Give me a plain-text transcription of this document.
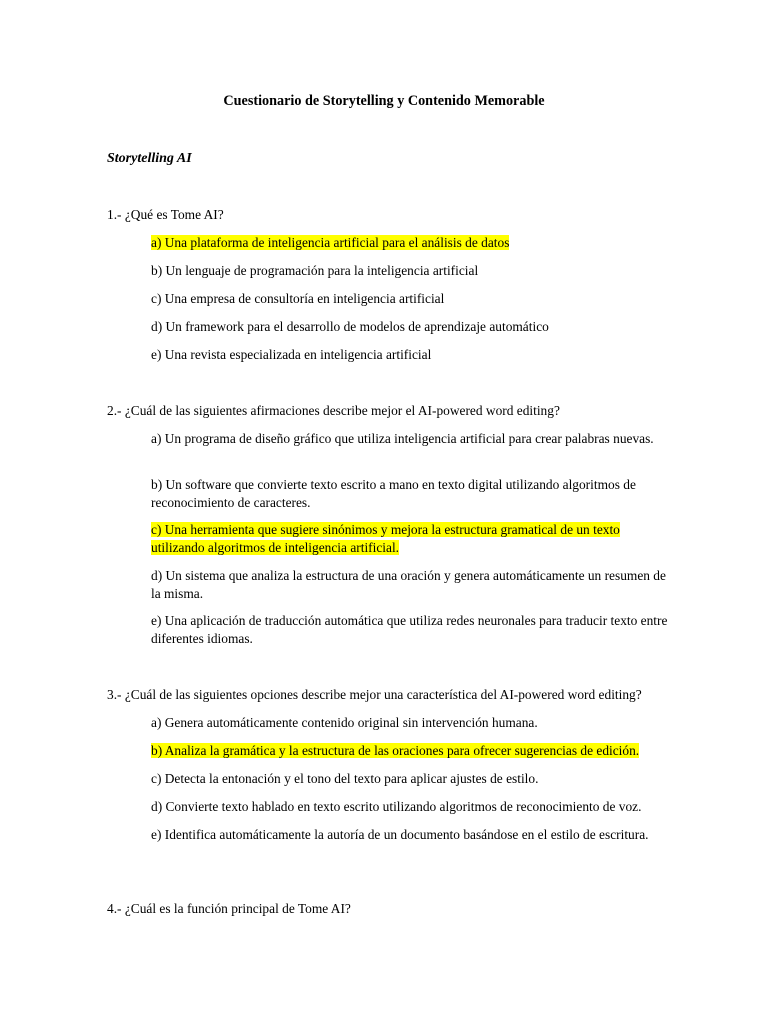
Cuestionario de Storytelling y Contenido Memorable
Storytelling AI
1.- ¿Qué es Tome AI?
a) Una plataforma de inteligencia artificial para el análisis de datos
b) Un lenguaje de programación para la inteligencia artificial
c) Una empresa de consultoría en inteligencia artificial
d) Un framework para el desarrollo de modelos de aprendizaje automático
e) Una revista especializada en inteligencia artificial
2.- ¿Cuál de las siguientes afirmaciones describe mejor el AI-powered word editing?
a) Un programa de diseño gráfico que utiliza inteligencia artificial para crear palabras nuevas.
b) Un software que convierte texto escrito a mano en texto digital utilizando algoritmos de reconocimiento de caracteres.
c) Una herramienta que sugiere sinónimos y mejora la estructura gramatical de un texto utilizando algoritmos de inteligencia artificial.
d) Un sistema que analiza la estructura de una oración y genera automáticamente un resumen de la misma.
e) Una aplicación de traducción automática que utiliza redes neuronales para traducir texto entre diferentes idiomas.
3.- ¿Cuál de las siguientes opciones describe mejor una característica del AI-powered word editing?
a) Genera automáticamente contenido original sin intervención humana.
b) Analiza la gramática y la estructura de las oraciones para ofrecer sugerencias de edición.
c) Detecta la entonación y el tono del texto para aplicar ajustes de estilo.
d) Convierte texto hablado en texto escrito utilizando algoritmos de reconocimiento de voz.
e) Identifica automáticamente la autoría de un documento basándose en el estilo de escritura.
4.- ¿Cuál es la función principal de Tome AI?
